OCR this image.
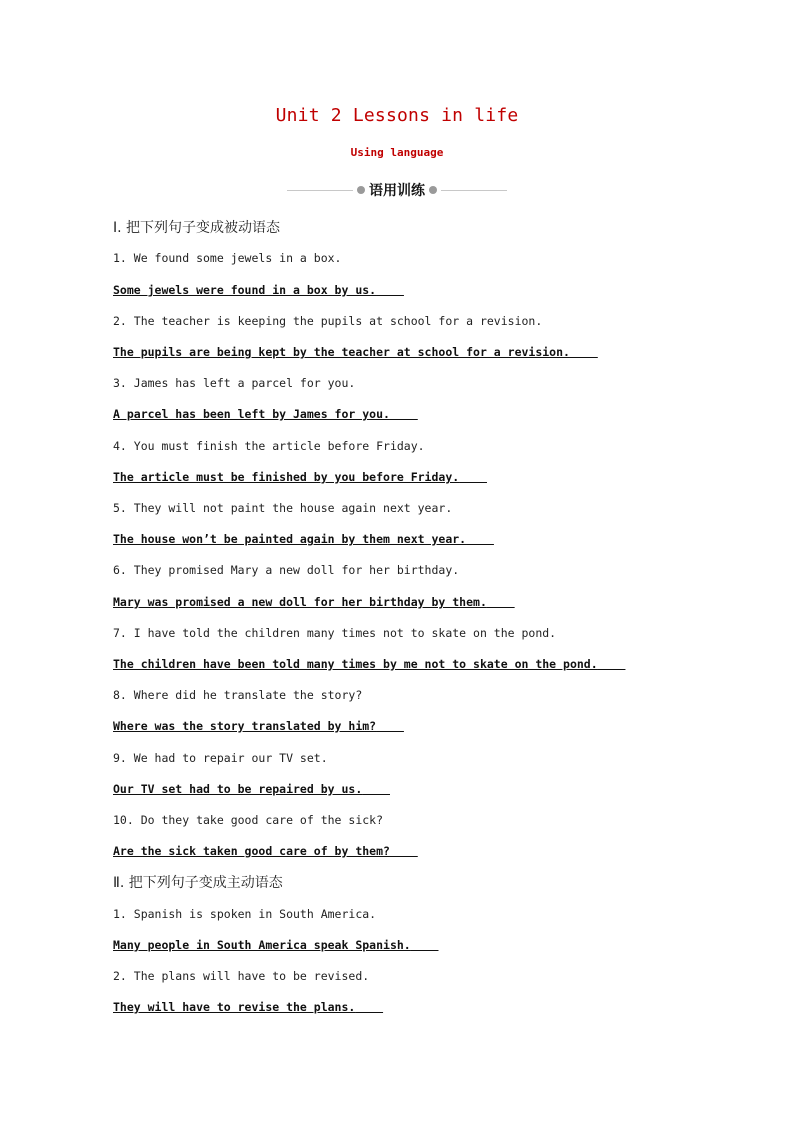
Unit 2 Lessons in life
Using language
语用训练
Ⅰ. 把下列句子变成被动语态
1. We found some jewels in a box.
Some jewels were found in a box by us.
2. The teacher is keeping the pupils at school for a revision.
The pupils are being kept by the teacher at school for a revision.
3. James has left a parcel for you.
A parcel has been left by James for you.
4. You must finish the article before Friday.
The article must be finished by you before Friday.
5. They will not paint the house again next year.
The house won’t be painted again by them next year.
6. They promised Mary a new doll for her birthday.
Mary was promised a new doll for her birthday by them.
7. I have told the children many times not to skate on the pond.
The children have been told many times by me not to skate on the pond.
8. Where did he translate the story?
Where was the story translated by him?
9. We had to repair our TV set.
Our TV set had to be repaired by us.
10. Do they take good care of the sick?
Are the sick taken good care of by them?
Ⅱ. 把下列句子变成主动语态
1. Spanish is spoken in South America.
Many people in South America speak Spanish.
2. The plans will have to be revised.
They will have to revise the plans.
